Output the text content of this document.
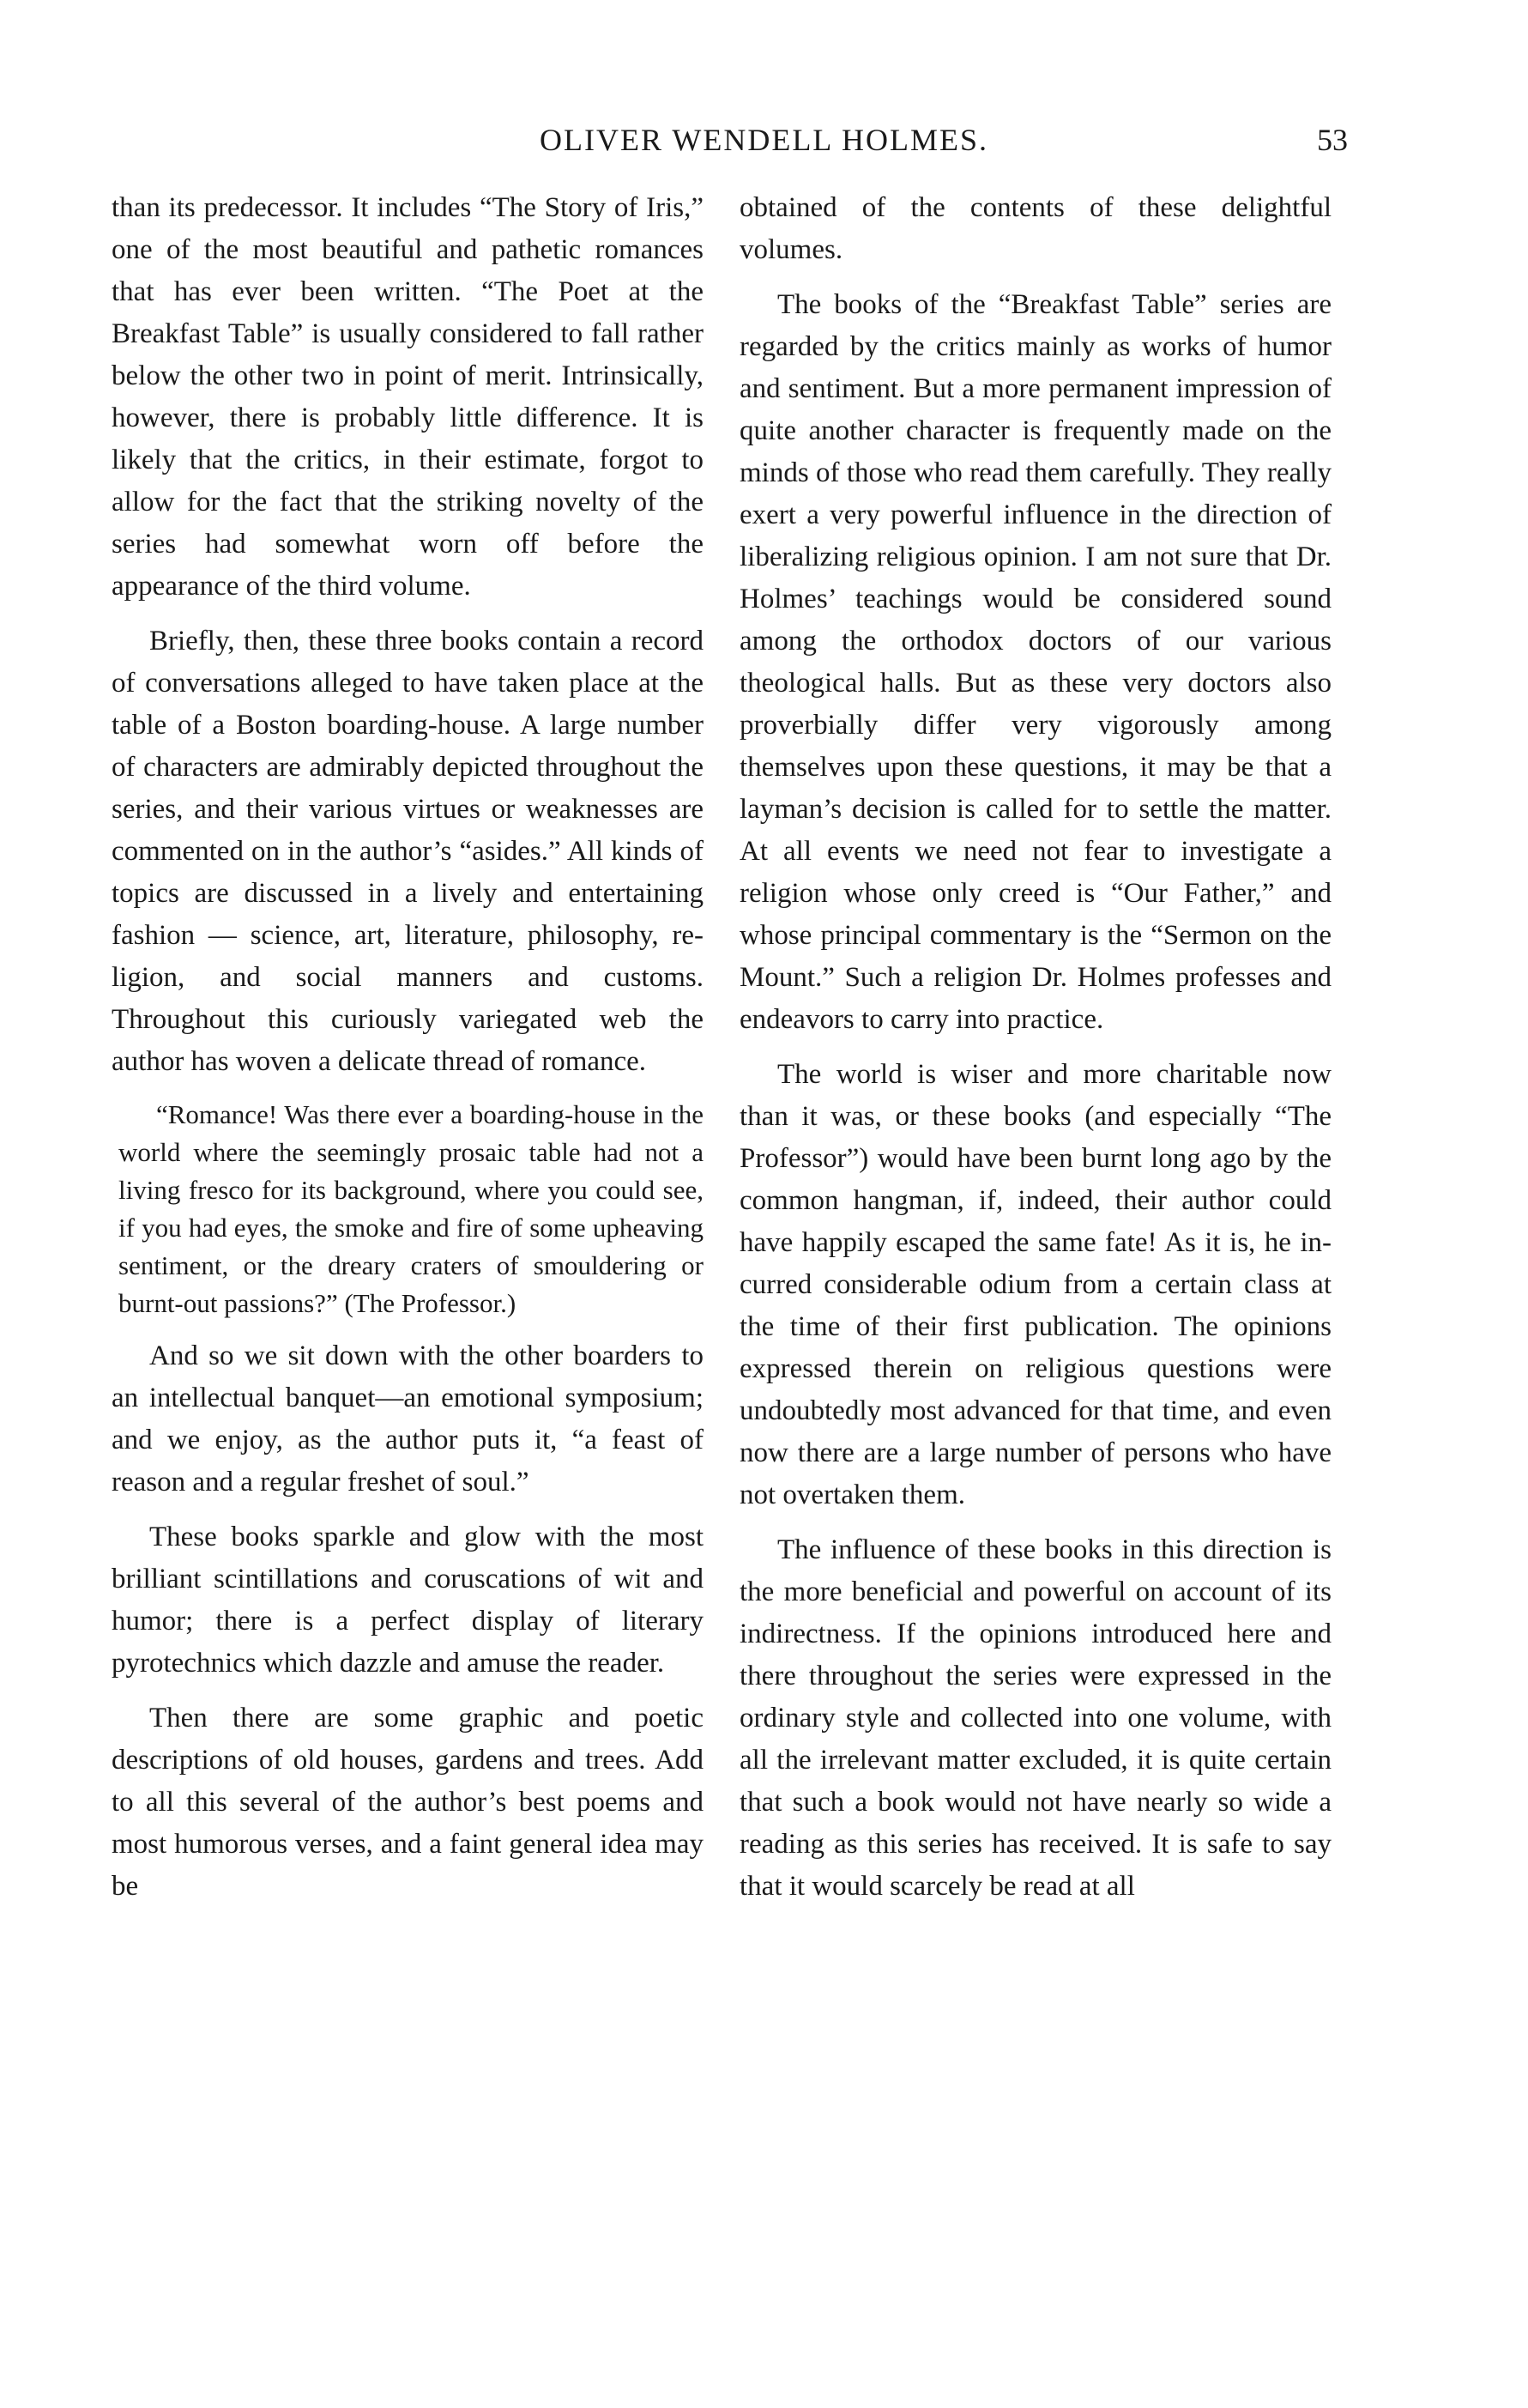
OLIVER WENDELL HOLMES.	53

than its predecessor. It includes “The Story of Iris,” one of the most beautiful and pathetic romances that has ever been written. “The Poet at the Breakfast Table” is usually considered to fall rather below the other two in point of merit. Intrinsically, however, there is probably little difference. It is likely that the critics, in their estimate, forgot to allow for the fact that the striking novelty of the series had somewhat worn off before the appearance of the third volume.

Briefly, then, these three books contain a record of conversations alleged to have taken place at the table of a Boston boarding-house. A large number of characters are admirably depicted throughout the series, and their various virtues or weaknesses are commented on in the author’s “asides.” All kinds of topics are discussed in a lively and entertaining fashion — science, art, literature, philosophy, religion, and social manners and customs. Throughout this curiously variegated web the author has woven a delicate thread of romance.

“Romance! Was there ever a boarding-house in the world where the seemingly prosaic table had not a living fresco for its background, where you could see, if you had eyes, the smoke and fire of some upheaving sentiment, or the dreary craters of smouldering or burnt-out passions?” (The Professor.)

And so we sit down with the other boarders to an intellectual banquet—an emotional symposium; and we enjoy, as the author puts it, “a feast of reason and a regular freshet of soul.”

These books sparkle and glow with the most brilliant scintillations and coruscations of wit and humor; there is a perfect display of literary pyrotechnics which dazzle and amuse the reader.

Then there are some graphic and poetic descriptions of old houses, gardens and trees. Add to all this several of the author’s best poems and most humorous verses, and a faint general idea may be

obtained of the contents of these delightful volumes.

The books of the “Breakfast Table” series are regarded by the critics mainly as works of humor and sentiment. But a more permanent impression of quite another character is frequently made on the minds of those who read them carefully. They really exert a very powerful influence in the direction of liberalizing religious opinion. I am not sure that Dr. Holmes’ teachings would be considered sound among the orthodox doctors of our various theological halls. But as these very doctors also proverbially differ very vigorously among themselves upon these questions, it may be that a layman’s decision is called for to settle the matter. At all events we need not fear to investigate a religion whose only creed is “Our Father,” and whose principal commentary is the “Sermon on the Mount.” Such a religion Dr. Holmes professes and endeavors to carry into practice.

The world is wiser and more charitable now than it was, or these books (and especially “The Professor”) would have been burnt long ago by the common hangman, if, indeed, their author could have happily escaped the same fate! As it is, he incurred considerable odium from a certain class at the time of their first publication. The opinions expressed therein on religious questions were undoubtedly most advanced for that time, and even now there are a large number of persons who have not overtaken them.

The influence of these books in this direction is the more beneficial and powerful on account of its indirectness. If the opinions introduced here and there throughout the series were expressed in the ordinary style and collected into one volume, with all the irrelevant matter excluded, it is quite certain that such a book would not have nearly so wide a reading as this series has received. It is safe to say that it would scarcely be read at all
